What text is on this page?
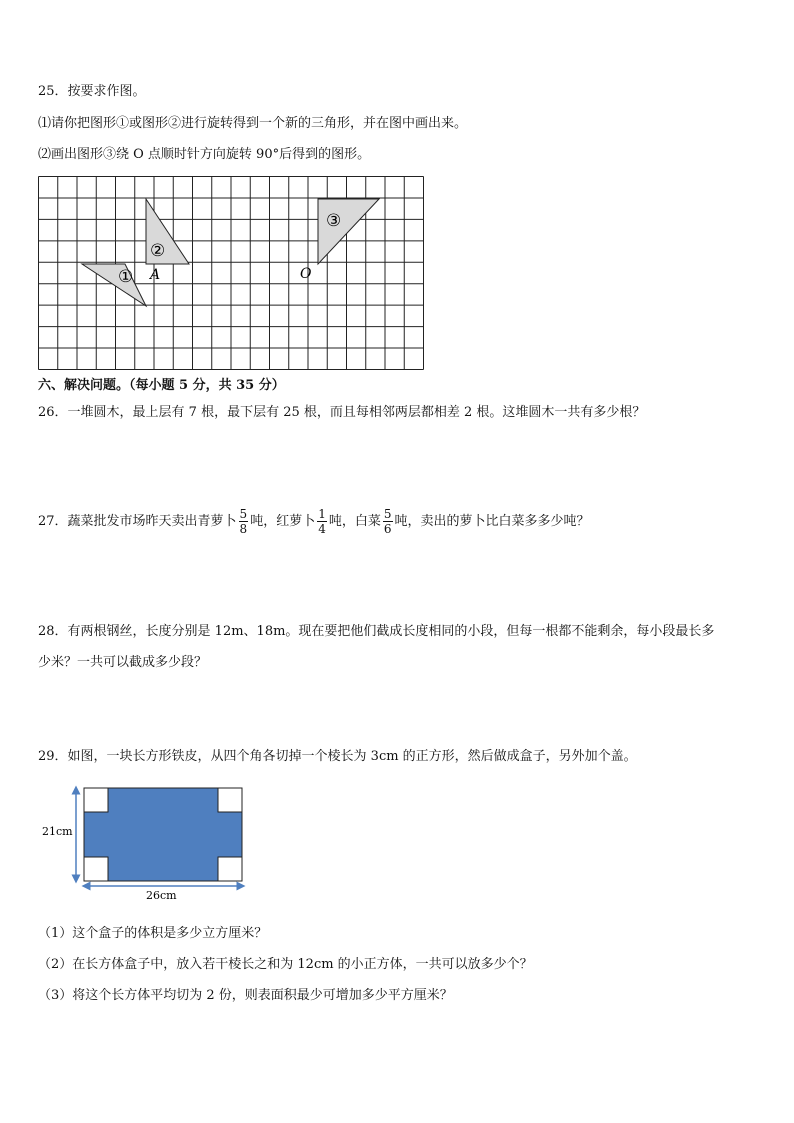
25．按要求作图。
⑴请你把图形①或图形②进行旋转得到一个新的三角形，并在图中画出来。
⑵画出图形③绕 O 点顺时针方向旋转 90°后得到的图形。
①
②
③
A	O
六、解决问题。（每小题 5 分，共 35 分）
26．一堆圆木，最上层有 7 根，最下层有 25 根，而且每相邻两层都相差 2 根。这堆圆木一共有多少根？
27．蔬菜批发市场昨天卖出青萝卜 $\frac{5}{8}$ 吨，红萝卜 $\frac{1}{4}$ 吨，白菜 $\frac{5}{6}$ 吨，卖出的萝卜比白菜多多少吨？
28．有两根钢丝，长度分别是 12m、18m。现在要把他们截成长度相同的小段，但每一根都不能剩余，每小段最长多
少米？一共可以截成多少段？
29．如图，一块长方形铁皮，从四个角各切掉一个棱长为 3cm 的正方形，然后做成盒子，另外加个盖。
21cm
26cm
（1）这个盒子的体积是多少立方厘米？
（2）在长方体盒子中，放入若干棱长之和为 12cm 的小正方体，一共可以放多少个？
（3）将这个长方体平均切为 2 份，则表面积最少可增加多少平方厘米？
